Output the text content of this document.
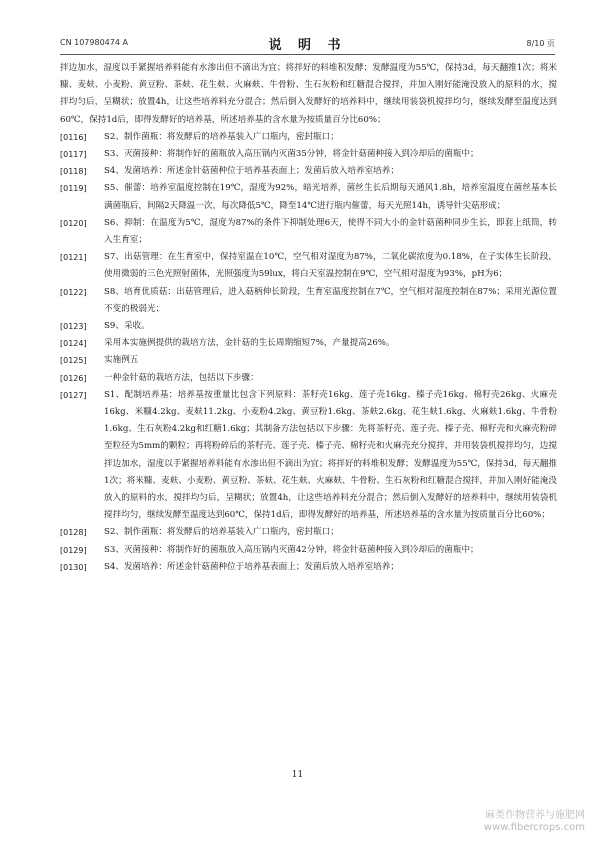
CN 107980474 A	说 明 书	8/10 页
拌边加水，湿度以手紧握培养料能有水渗出但不滴出为宜；将拌好的料堆积发酵；发酵温度为55℃，保持3d，每天翻推1次；将米糠、麦麸、小麦粉、黄豆粉、茶麸、花生麸、火麻麸、牛骨粉、生石灰粉和红糖混合搅拌，并加入刚好能淹没放入的原料的水，搅拌均匀后，呈糊状；放置4h，让这些培养料充分混合；然后倒入发酵好的培养料中，继续用装袋机搅拌均匀，继续发酵至温度达到60℃，保持1d后，即得发酵好的培养基，所述培养基的含水量为按质量百分比60%；
[0116]	S2、制作菌瓶：将发酵后的培养基装入广口瓶内，密封瓶口；
[0117]	S3、灭菌接种：将制作好的菌瓶放入高压锅内灭菌35分钟，将金针菇菌种接入到冷却后的菌瓶中；
[0118]	S4、发菌培养：所述金针菇菌种位于培养基表面上；发菌后放入培养室培养；
[0119]	S5、催蕾：培养室温度控制在19℃，湿度为92%，暗光培养，菌丝生长后期每天通风1.8h，培养室温度在菌丝基本长满菌瓶后，间隔2天降温一次，每次降低5℃，降至14℃进行瓶内催蕾，每天光照14h，诱导针尖菇形成；
[0120]	S6、抑制：在温度为5℃，湿度为87%的条件下抑制处理6天，使得不同大小的金针菇菌种同步生长，即套上纸筒，转入生育室；
[0121]	S7、出菇管理：在生育室中，保持室温在10℃，空气相对湿度为87%，二氧化碳浓度为0.18%，在子实体生长阶段，使用微弱的三色光照射菌体，光照强度为59lux，将白天室温控制在9℃，空气相对湿度为93%，pH为6；
[0122]	S8、培育优质菇：出菇管理后，进入菇柄伸长阶段，生育室温度控制在7℃，空气相对湿度控制在87%；采用光源位置不变的极弱光；
[0123]	S9、采收。
[0124]	采用本实施例提供的栽培方法，金针菇的生长周期缩短7%，产量提高26%。
[0125]	实施例五
[0126]	一种金针菇的栽培方法，包括以下步骤：
[0127]	S1、配制培养基：培养基按重量比包含下列原料：茶籽壳16kg、莲子壳16kg、榛子壳16kg、棉籽壳26kg、火麻壳16kg、米糠4.2kg、麦麸11.2kg、小麦粉4.2kg、黄豆粉1.6kg、茶麸2.6kg、花生麸1.6kg、火麻麸1.6kg、牛骨粉1.6kg、生石灰粉4.2kg和红糖1.6kg；其制备方法包括以下步骤：先将茶籽壳、莲子壳、榛子壳、棉籽壳和火麻壳粉碎至粒径为5mm的颗粒；再将粉碎后的茶籽壳、莲子壳、榛子壳、棉籽壳和火麻壳充分搅拌，并用装袋机搅拌均匀，边搅拌边加水，湿度以手紧握培养料能有水渗出但不滴出为宜；将拌好的料堆积发酵；发酵温度为55℃，保持3d，每天翻推1次；将米糠、麦麸、小麦粉、黄豆粉、茶麸、花生麸、火麻麸、牛骨粉、生石灰粉和红糖混合搅拌，并加入刚好能淹没放入的原料的水，搅拌均匀后，呈糊状；放置4h，让这些培养料充分混合；然后倒入发酵好的培养料中，继续用装袋机搅拌均匀，继续发酵至温度达到60℃，保持1d后，即得发酵好的培养基，所述培养基的含水量为按质量百分比60%；
[0128]	S2、制作菌瓶：将发酵后的培养基装入广口瓶内，密封瓶口；
[0129]	S3、灭菌接种：将制作好的菌瓶放入高压锅内灭菌42分钟，将金针菇菌种接入到冷却后的菌瓶中；
[0130]	S4、发菌培养：所述金针菇菌种位于培养基表面上；发菌后放入培养室培养；
11
麻类作物营养与施肥网
www.fibercrops.com
